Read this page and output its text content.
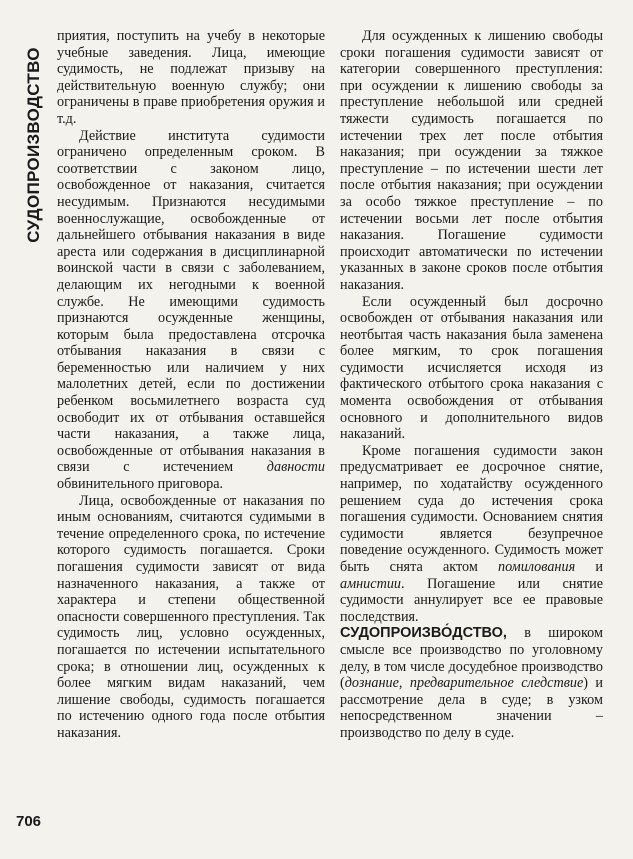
СУДОПРОИЗВОДСТВО

приятия, поступить на учебу в некоторые учебные заведения. Лица, имеющие судимость, не подлежат призыву на действительную военную службу; они ограничены в праве приобретения оружия и т.д.

Действие института судимости ограничено определенным сроком. В соответствии с законом лицо, освобожденное от наказания, считается несудимым. Признаются несудимыми военнослужащие, освобожденные от дальнейшего отбывания наказания в виде ареста или содержания в дисциплинарной воинской части в связи с заболеванием, делающим их негодными к военной службе. Не имеющими судимость признаются осужденные женщины, которым была предоставлена отсрочка отбывания наказания в связи с беременностью или наличием у них малолетних детей, если по достижении ребенком восьмилетнего возраста суд освободит их от отбывания оставшейся части наказания, а также лица, освобожденные от отбывания наказания в связи с истечением давности обвинительного приговора.

Лица, освобожденные от наказания по иным основаниям, считаются судимыми в течение определенного срока, по истечение которого судимость погашается. Сроки погашения судимости зависят от вида назначенного наказания, а также от характера и степени общественной опасности совершенного преступления. Так судимость лиц, условно осужденных, погашается по истечении испытательного срока; в отношении лиц, осужденных к более мягким видам наказаний, чем лишение свободы, судимость погашается по истечению одного года после отбытия наказания.

Для осужденных к лишению свободы сроки погашения судимости зависят от категории совершенного преступления: при осуждении к лишению свободы за преступление небольшой или средней тяжести судимость погашается по истечении трех лет после отбытия наказания; при осуждении за тяжкое преступление – по истечении шести лет после отбытия наказания; при осуждении за особо тяжкое преступление – по истечении восьми лет после отбытия наказания. Погашение судимости происходит автоматически по истечении указанных в законе сроков после отбытия наказания.

Если осужденный был досрочно освобожден от отбывания наказания или неотбытая часть наказания была заменена более мягким, то срок погашения судимости исчисляется исходя из фактического отбытого срока наказания с момента освобождения от отбывания основного и дополнительного видов наказаний.

Кроме погашения судимости закон предусматривает ее досрочное снятие, например, по ходатайству осужденного решением суда до истечения срока погашения судимости. Основанием снятия судимости является безупречное поведение осужденного. Судимость может быть снята актом помилования и амнистии. Погашение или снятие судимости аннулирует все ее правовые последствия.

СУДОПРОИЗВО́ДСТВО, в широком смысле все производство по уголовному делу, в том числе досудебное производство (дознание, предварительное следствие) и рассмотрение дела в суде; в узком непосредственном значении – производство по делу в суде.

706
